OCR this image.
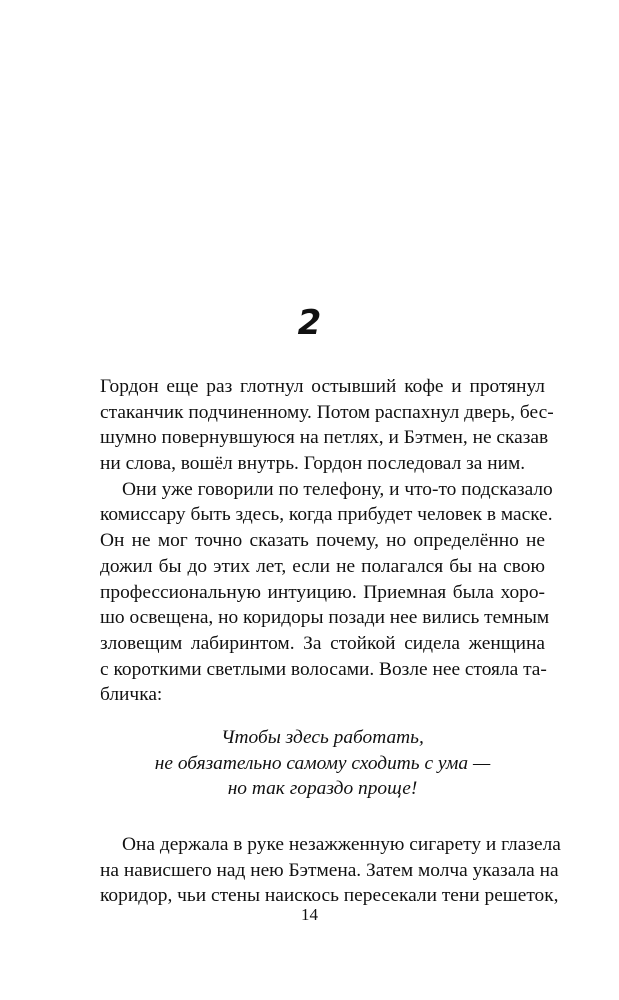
2
Гордон еще раз глотнул остывший кофе и протянул
стаканчик подчиненному. Потом распахнул дверь, бес-
шумно повернувшуюся на петлях, и Бэтмен, не сказав
ни слова, вошёл внутрь. Гордон последовал за ним.
Они уже говорили по телефону, и что-то подсказало
комиссару быть здесь, когда прибудет человек в маске.
Он не мог точно сказать почему, но определённо не
дожил бы до этих лет, если не полагался бы на свою
профессиональную интуицию. Приемная была хоро-
шо освещена, но коридоры позади нее вились темным
зловещим лабиринтом. За стойкой сидела женщина
с короткими светлыми волосами. Возле нее стояла та-
бличка:
Чтобы здесь работать,
не обязательно самому сходить с ума —
но так гораздо проще!
Она держала в руке незажженную сигарету и глазела
на нависшего над нею Бэтмена. Затем молча указала на
коридор, чьи стены наискось пересекали тени решеток,
14
